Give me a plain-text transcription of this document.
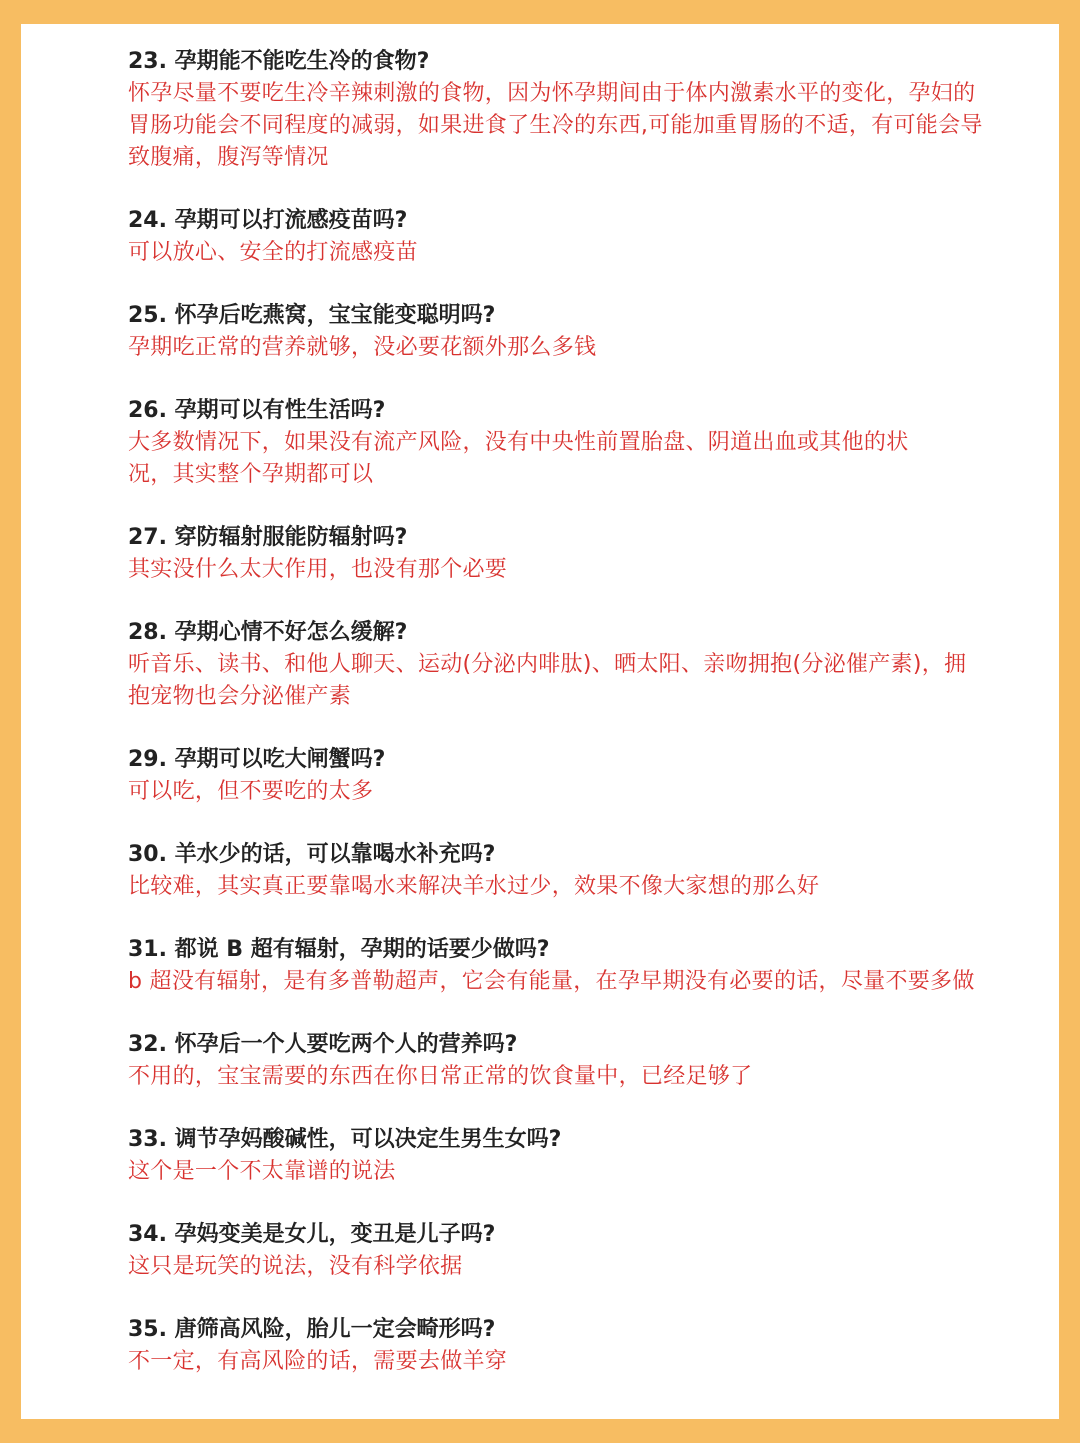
23. 孕期能不能吃生冷的食物?

怀孕尽量不要吃生冷辛辣刺激的食物，因为怀孕期间由于体内激素水平的变化，孕妇的胃肠功能会不同程度的减弱，如果进食了生冷的东西,可能加重胃肠的不适，有可能会导致腹痛，腹泻等情况

24. 孕期可以打流感疫苗吗?

可以放心、安全的打流感疫苗

25. 怀孕后吃燕窝，宝宝能变聪明吗?

孕期吃正常的营养就够，没必要花额外那么多钱

26. 孕期可以有性生活吗?

大多数情况下，如果没有流产风险，没有中央性前置胎盘、阴道出血或其他的状况，其实整个孕期都可以

27. 穿防辐射服能防辐射吗?

其实没什么太大作用，也没有那个必要

28. 孕期心情不好怎么缓解?

听音乐、读书、和他人聊天、运动(分泌内啡肽)、晒太阳、亲吻拥抱(分泌催产素)，拥抱宠物也会分泌催产素

29. 孕期可以吃大闸蟹吗?

可以吃，但不要吃的太多

30. 羊水少的话，可以靠喝水补充吗?

比较难，其实真正要靠喝水来解决羊水过少，效果不像大家想的那么好

31. 都说 B 超有辐射，孕期的话要少做吗?

b 超没有辐射，是有多普勒超声，它会有能量，在孕早期没有必要的话，尽量不要多做

32. 怀孕后一个人要吃两个人的营养吗?

不用的，宝宝需要的东西在你日常正常的饮食量中，已经足够了

33. 调节孕妈酸碱性，可以决定生男生女吗?

这个是一个不太靠谱的说法

34. 孕妈变美是女儿，变丑是儿子吗?

这只是玩笑的说法，没有科学依据

35. 唐筛高风险，胎儿一定会畸形吗?

不一定，有高风险的话，需要去做羊穿
